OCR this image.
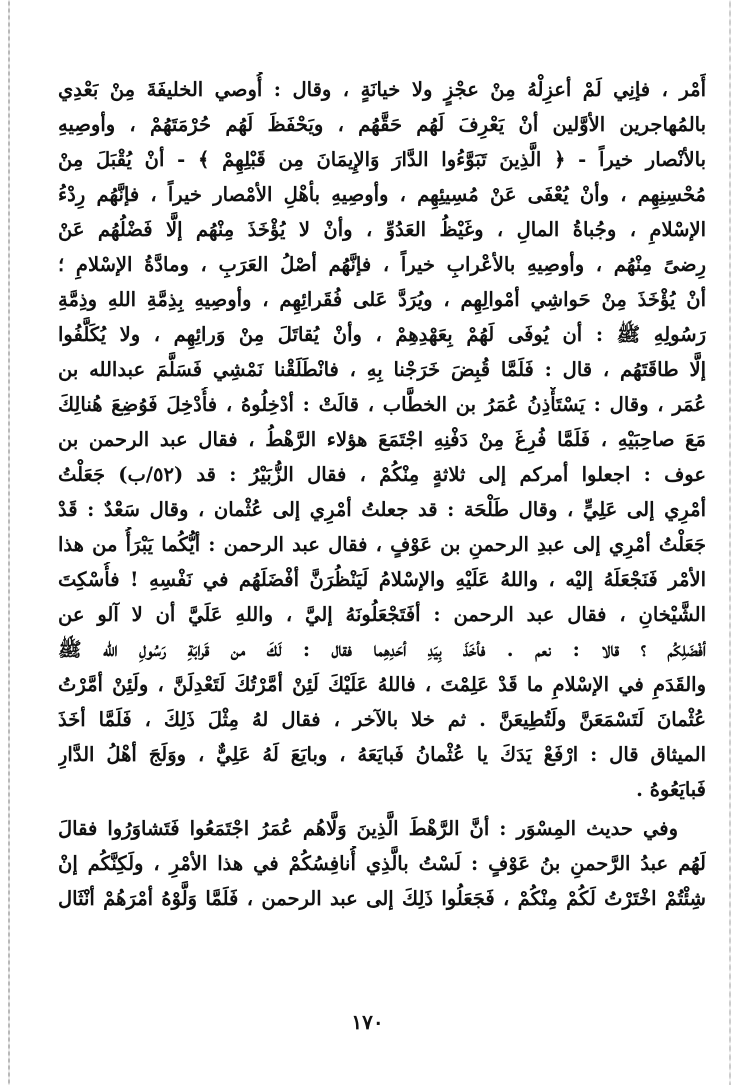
أَمْر ، فإنِي لَمْ أعزِلْهُ مِنْ عجْزٍ ولا خيانَةٍ ، وقال : أُوصي الخليفَةَ مِنْ بَعْدِي
بالمُهاجرين الأوَّلين أنْ يَعْرِفَ لَهُم حَقَّهُم ، ويَحْفَظَ لَهُم حُرْمَتَهُمْ ، وأوصِيهِ
بالأنْصار خيراً - ﴿ الَّذِينَ تَبَوَّءُوا الدَّارَ وَالإِيمَانَ مِن قَبْلِهِمْ ﴾ - أنْ يُقْبَلَ مِنْ
مُحْسِنِهِم ، وأنْ يُعْفَى عَنْ مُسِيئِهِم ، وأوصِيهِ بأهْلِ الأمْصار خيراً ، فإنَّهُم رِدْءُ
الإسْلامِ ، وجُباةُ المالِ ، وغَيْظُ العَدُوِّ ، وأنْ لا يُؤْخَذَ مِنْهُم إلَّا فَضْلُهُم عَنْ
رِضىً مِنْهُم ، وأوصِيهِ بالأعْرابِ خيراً ، فإنَّهُم أصْلُ العَرَبِ ، ومادَّةُ الإسْلامِ ؛
أنْ يُؤْخَذَ مِنْ حَواشِي أمْوالِهِم ، ويُرَدَّ عَلى فُقَرائِهِم ، وأوصِيهِ بِذِمَّةِ اللهِ وذِمَّةِ
رَسُولِهِ ﷺ : أن يُوفَى لَهُمْ بِعَهْدِهِمْ ، وأنْ يُقاتَلَ مِنْ وَرائِهِم ، ولا يُكَلَّفُوا
إلَّا طاقَتَهُم ، قال : فَلَمَّا قُبِضَ خَرَجْنا بِهِ ، فانْطَلَقْنا نَمْشِي فَسَلَّمَ عبدالله بن
عُمَر ، وقال : يَسْتَأْذِنُ عُمَرُ بن الخطَّاب ، قالَتْ : أدْخِلُوهُ ، فأُدْخِلَ فَوُضِعَ هُنالِكَ
مَعَ صاحِبَيْهِ ، فَلَمَّا فُرِغَ مِنْ دَفْنِهِ اجْتَمَعَ هؤلاء الرَّهْطُ ، فقال عبد الرحمن بن
عوف : اجعلوا أمركم إلى ثلاثةٍ مِنْكُمْ ، فقال الزُّبَيْرُ : قد (٥٢/ب) جَعَلْتُ
أمْرِي إلى عَلِيٍّ ، وقال طَلْحَة : قد جعلتُ أمْرِي إلى عُثْمان ، وقال سَعْدٌ : قَدْ
جَعَلْتُ أمْرِي إلى عبدِ الرحمنِ بن عَوْفٍ ، فقال عبد الرحمن : أيُّكُما يَبْرَأُ من هذا
الأمْر فَنَجْعَلَهُ إليْه ، واللهُ عَلَيْهِ والإسْلامُ لَيَنْظُرَنَّ أفْضَلَهُم في نَفْسِهِ ! فأُسْكِتَ
الشَّيْخانِ ، فقال عبد الرحمن : أفَتَجْعَلُونَهُ إليَّ ، واللهِ عَلَيَّ أن لا آلو عن
أفْضَلِكُم ؟ قالا : نعم . فأخَذَ بِيَدِ أحَدِهِما فقال : لَكَ من قَرابَةِ رَسُولِ الله ﷺ
والقَدَمِ في الإسْلامِ ما قَدْ عَلِمْتَ ، فاللهُ عَلَيْكَ لَئِنْ أمَّرْتُكَ لَتَعْدِلَنَّ ، ولَئِنْ أمَّرْتُ
عُثْمانَ لَتَسْمَعَنَّ ولَتُطِيعَنَّ . ثم خلا بالآخر ، فقال لهُ مِثْلَ ذَلِكَ ، فَلَمَّا أخَذَ
الميثاق قال : ارْفَعْ يَدَكَ يا عُثْمانُ فَبايَعَهُ ، وبايَعَ لَهُ عَلِيٌّ ، ووَلَجَ أهْلُ الدَّارِ
فَبايَعُوهُ .
وفي حديث المِسْوَر : أنَّ الرَّهْطَ الَّذِينَ وَلَّاهُم عُمَرُ اجْتَمَعُوا فَتَشاوَرُوا فقالَ
لَهُم عبدُ الرَّحمنِ بنُ عَوْفٍ : لَسْتُ بالَّذِي أُنافِسُكُمْ في هذا الأمْرِ ، ولَكِنَّكُم إنْ
شِئْتُمْ اخْتَرْتُ لَكُمْ مِنْكُمْ ، فَجَعَلُوا ذَلِكَ إلى عبد الرحمن ، فَلَمَّا وَلَّوْهُ أمْرَهُمْ أنْثَال
١٧٠
